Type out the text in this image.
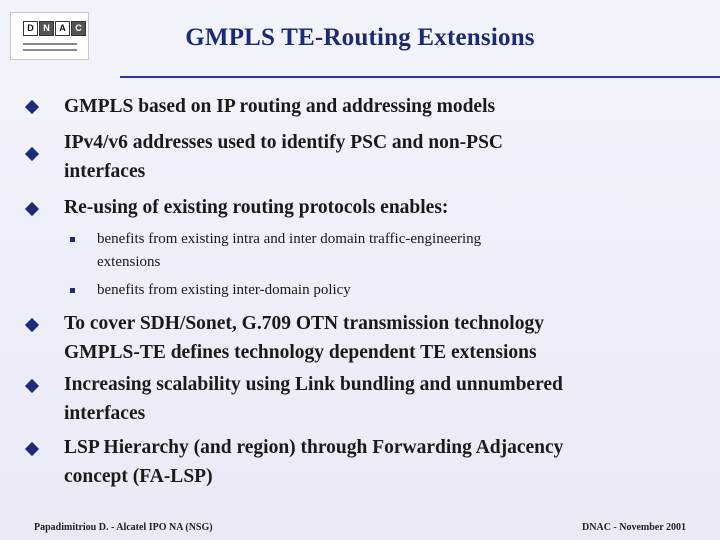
D	N	A	C	GMPLS TE-Routing Extensions
GMPLS based on IP routing and addressing models
IPv4/v6 addresses used to identify PSC and non-PSC
interfaces
Re-using of existing routing protocols enables:
benefits from existing intra and inter domain traffic-engineering
extensions
benefits from existing inter-domain policy
To cover SDH/Sonet, G.709 OTN transmission technology
GMPLS-TE defines technology dependent TE extensions
Increasing scalability using Link bundling and unnumbered
interfaces
LSP Hierarchy (and region) through Forwarding Adjacency
concept (FA-LSP)
Papadimitriou D. - Alcatel IPO NA (NSG)	DNAC - November 2001
